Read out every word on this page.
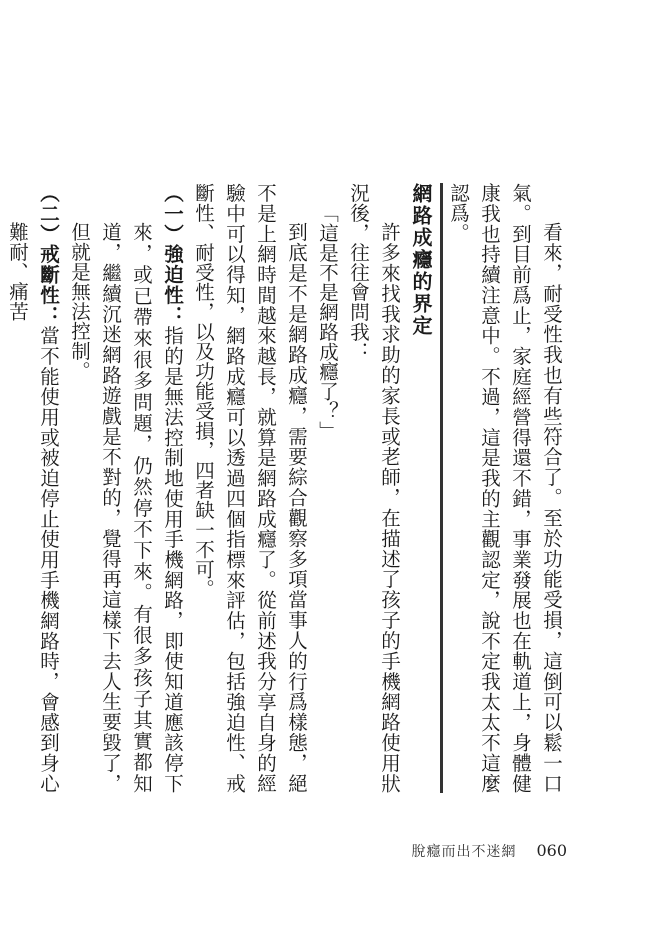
看來，耐受性我也有些符合了。至於功能受損，這倒可以鬆一口氣。到目前爲止，家庭經營得還不錯，事業發展也在軌道上，身體健康我也持續注意中。不過，這是我的主觀認定，說不定我太太不這麼認爲。

網路成癮的界定

許多來找我求助的家長或老師，在描述了孩子的手機網路使用狀況後，往往會問我：

「這是不是網路成癮了？」

到底是不是網路成癮，需要綜合觀察多項當事人的行爲樣態，絕不是上網時間越來越長，就算是網路成癮了。從前述我分享自身的經驗中可以得知，網路成癮可以透過四個指標來評估，包括強迫性、戒斷性、耐受性，以及功能受損，四者缺一不可。

（一）強迫性：指的是無法控制地使用手機網路，即使知道應該停下來，或已帶來很多問題，仍然停不下來。有很多孩子其實都知道，繼續沉迷網路遊戲是不對的，覺得再這樣下去人生要毀了，但就是無法控制。

（二）戒斷性：當不能使用或被迫停止使用手機網路時，會感到身心難耐、痛苦

脫癮而出不迷網 060
